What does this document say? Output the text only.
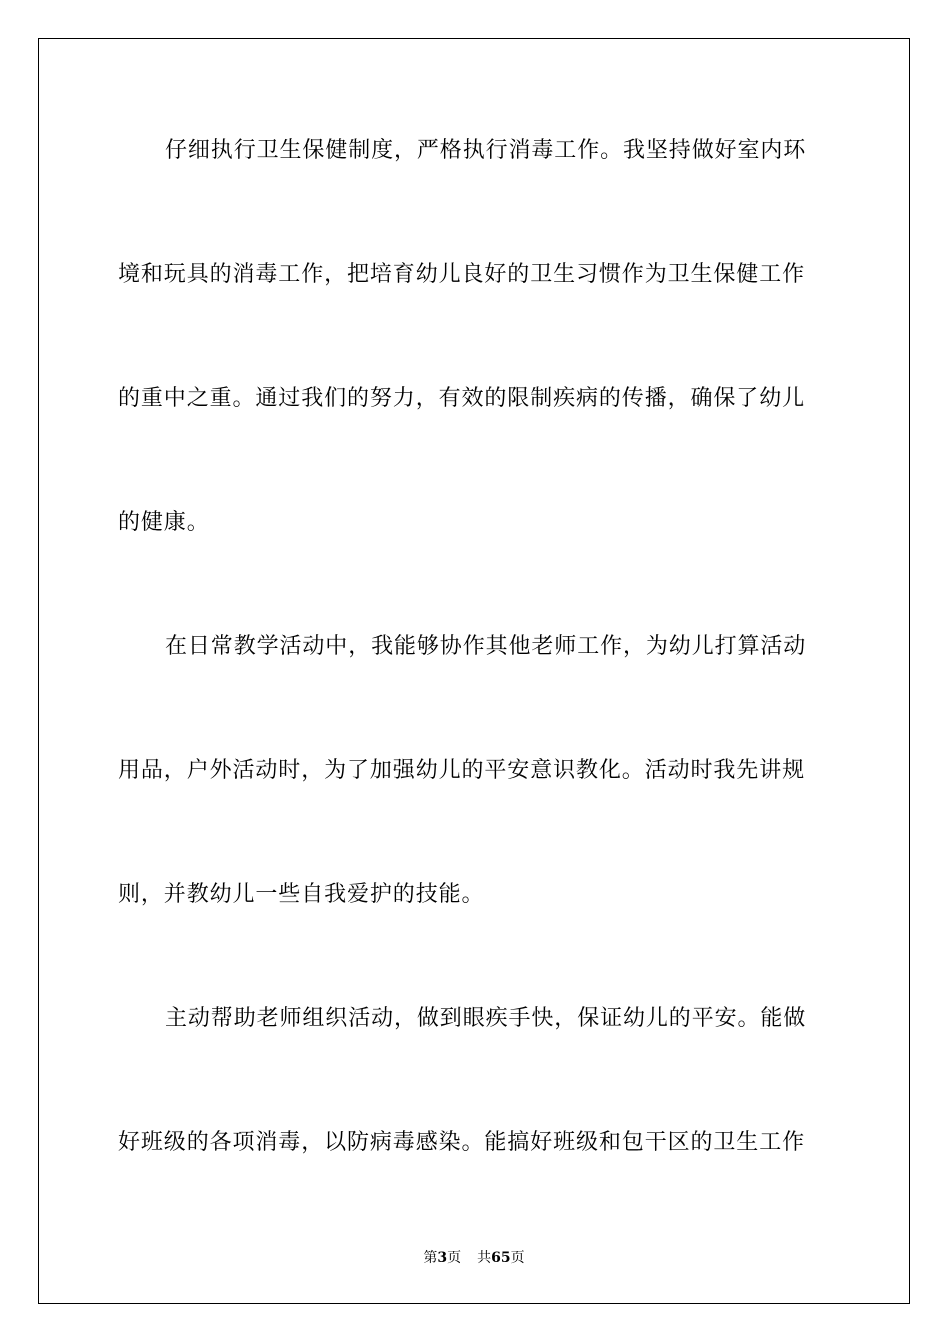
仔细执行卫生保健制度，严格执行消毒工作。我坚持做好室内环
境和玩具的消毒工作，把培育幼儿良好的卫生习惯作为卫生保健工作
的重中之重。通过我们的努力，有效的限制疾病的传播，确保了幼儿
的健康。
在日常教学活动中，我能够协作其他老师工作，为幼儿打算活动
用品，户外活动时，为了加强幼儿的平安意识教化。活动时我先讲规
则，并教幼儿一些自我爱护的技能。
主动帮助老师组织活动，做到眼疾手快，保证幼儿的平安。能做
好班级的各项消毒，以防病毒感染。能搞好班级和包干区的卫生工作
第3页 共65页
